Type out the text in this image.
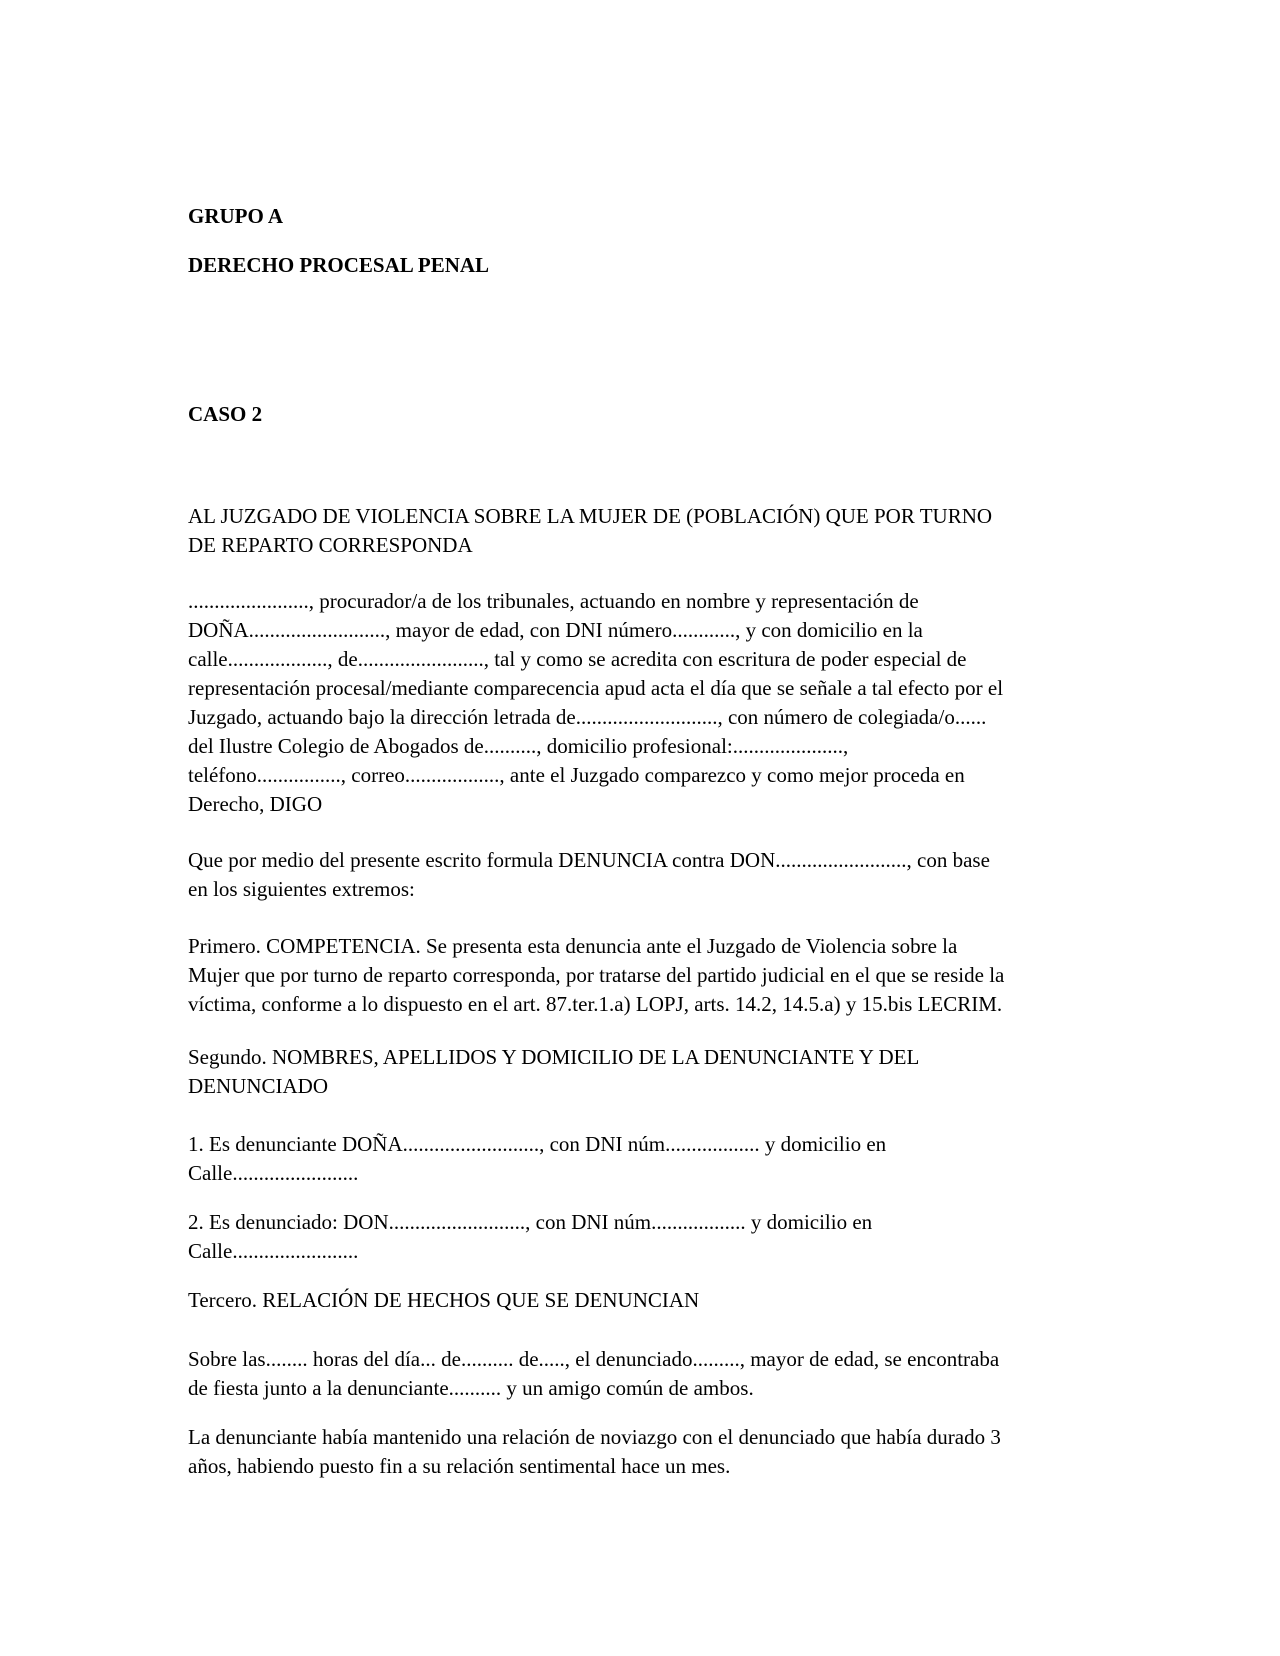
GRUPO A

DERECHO PROCESAL PENAL

CASO 2

AL JUZGADO DE VIOLENCIA SOBRE LA MUJER DE (POBLACIÓN) QUE POR TURNO
DE REPARTO CORRESPONDA
......................., procurador/a de los tribunales, actuando en nombre y representación de
DOÑA.........................., mayor de edad, con DNI número............, y con domicilio en la
calle..................., de........................, tal y como se acredita con escritura de poder especial de
representación procesal/mediante comparecencia apud acta el día que se señale a tal efecto por el
Juzgado, actuando bajo la dirección letrada de..........................., con número de colegiada/o......
del Ilustre Colegio de Abogados de.........., domicilio profesional:.....................,
teléfono................, correo.................., ante el Juzgado comparezco y como mejor proceda en
Derecho, DIGO
Que por medio del presente escrito formula DENUNCIA contra DON........................., con base
en los siguientes extremos:
Primero. COMPETENCIA. Se presenta esta denuncia ante el Juzgado de Violencia sobre la
Mujer que por turno de reparto corresponda, por tratarse del partido judicial en el que se reside la
víctima, conforme a lo dispuesto en el art. 87.ter.1.a) LOPJ, arts. 14.2, 14.5.a) y 15.bis LECRIM.
Segundo. NOMBRES, APELLIDOS Y DOMICILIO DE LA DENUNCIANTE Y DEL
DENUNCIADO
1. Es denunciante DOÑA.........................., con DNI núm.................. y domicilio en
Calle........................
2. Es denunciado: DON.........................., con DNI núm.................. y domicilio en
Calle........................
Tercero. RELACIÓN DE HECHOS QUE SE DENUNCIAN
Sobre las........ horas del día... de.......... de....., el denunciado........., mayor de edad, se encontraba
de fiesta junto a la denunciante.......... y un amigo común de ambos.
La denunciante había mantenido una relación de noviazgo con el denunciado que había durado 3
años, habiendo puesto fin a su relación sentimental hace un mes.
